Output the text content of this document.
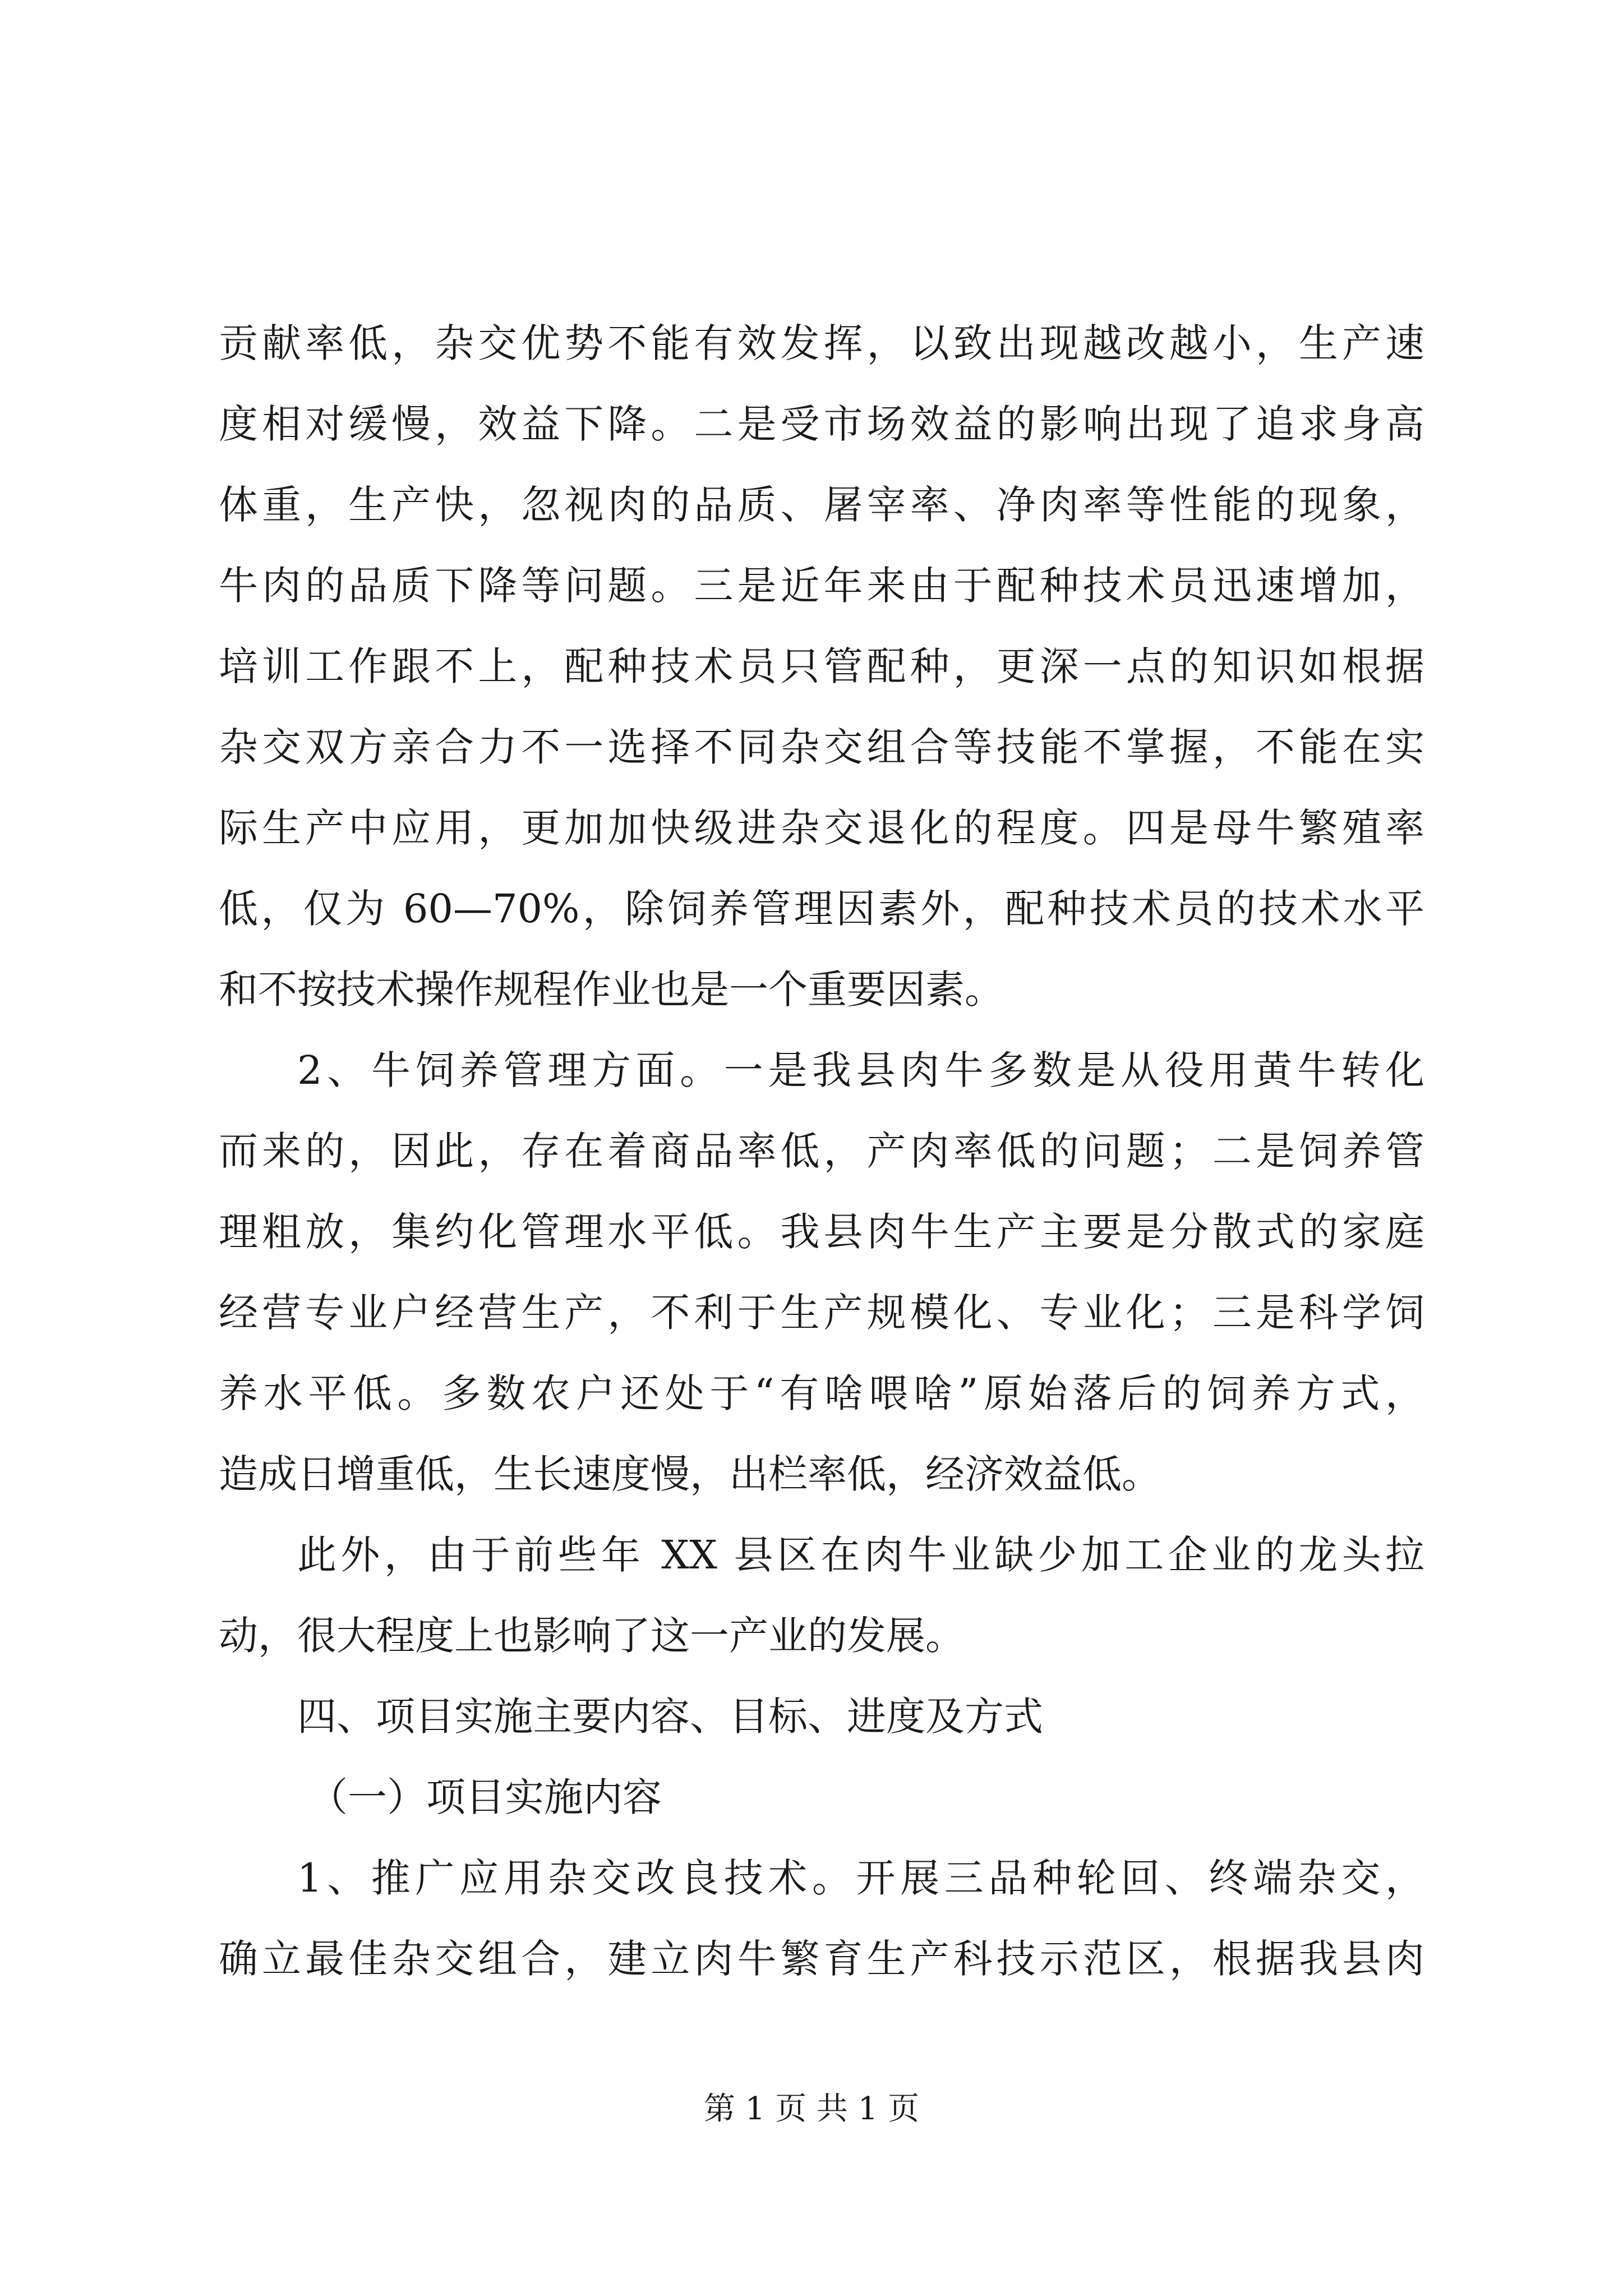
贡献率低，杂交优势不能有效发挥，以致出现越改越小，生产速
度相对缓慢，效益下降。二是受市场效益的影响出现了追求身高
体重，生产快，忽视肉的品质、屠宰率、净肉率等性能的现象，
牛肉的品质下降等问题。三是近年来由于配种技术员迅速增加，
培训工作跟不上，配种技术员只管配种，更深一点的知识如根据
杂交双方亲合力不一选择不同杂交组合等技能不掌握，不能在实
际生产中应用，更加加快级进杂交退化的程度。四是母牛繁殖率
低，仅为 60—70%，除饲养管理因素外，配种技术员的技术水平
和不按技术操作规程作业也是一个重要因素。
2、牛饲养管理方面。一是我县肉牛多数是从役用黄牛转化
而来的，因此，存在着商品率低，产肉率低的问题；二是饲养管
理粗放，集约化管理水平低。我县肉牛生产主要是分散式的家庭
经营专业户经营生产，不利于生产规模化、专业化；三是科学饲
养水平低。多数农户还处于“有啥喂啥”原始落后的饲养方式，
造成日增重低，生长速度慢，出栏率低，经济效益低。
此外，由于前些年 XX 县区在肉牛业缺少加工企业的龙头拉
动，很大程度上也影响了这一产业的发展。
四、项目实施主要内容、目标、进度及方式
（一）项目实施内容
1、推广应用杂交改良技术。开展三品种轮回、终端杂交，
确立最佳杂交组合，建立肉牛繁育生产科技示范区，根据我县肉
第 1 页 共 1 页
